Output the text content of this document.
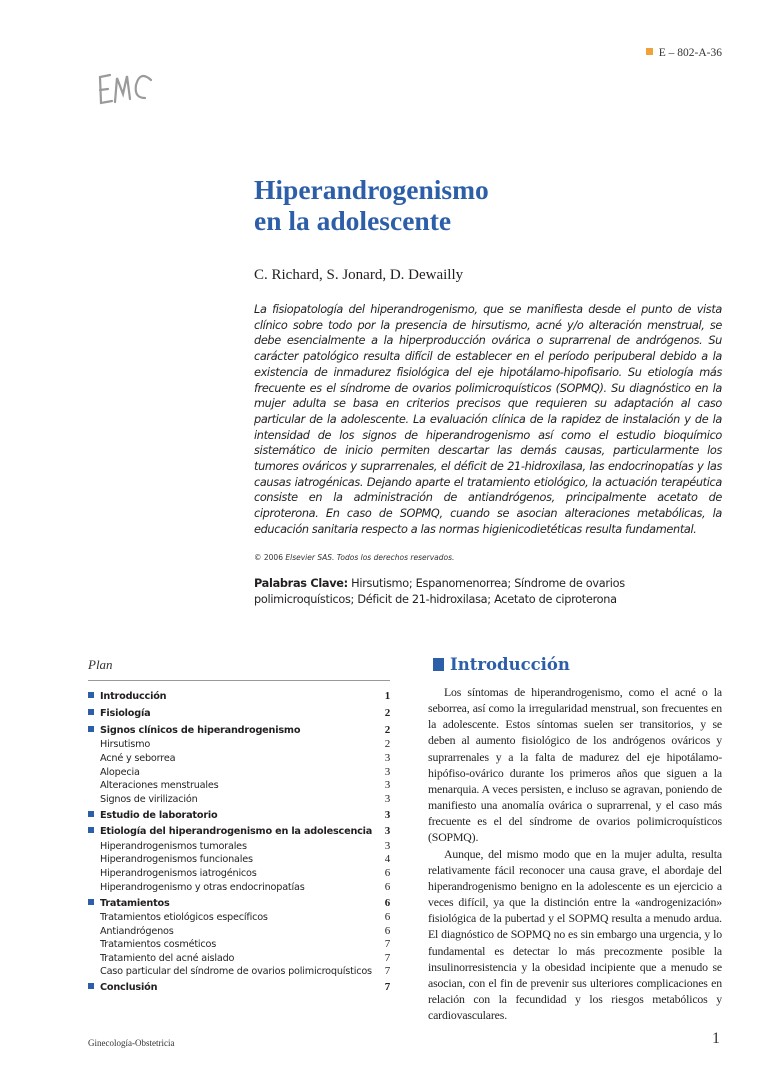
E – 802-A-36
Hiperandrogenismo
en la adolescente
C. Richard, S. Jonard, D. Dewailly

La fisiopatología del hiperandrogenismo, que se manifiesta desde el punto de vista clínico sobre todo por la presencia de hirsutismo, acné y/o alteración menstrual, se debe esencialmente a la hiperproducción ovárica o suprarrenal de andrógenos. Su carácter patológico resulta difícil de establecer en el período peripuberal debido a la existencia de inmadurez fisiológica del eje hipotálamo-hipofisario. Su etiología más frecuente es el síndrome de ovarios polimicroquísticos (SOPMQ). Su diagnóstico en la mujer adulta se basa en criterios precisos que requieren su adaptación al caso particular de la adolescente. La evaluación clínica de la rapidez de instalación y de la intensidad de los signos de hiperandrogenismo así como el estudio bioquímico sistemático de inicio permiten descartar las demás causas, particularmente los tumores ováricos y suprarrenales, el déficit de 21-hidroxilasa, las endocrinopatías y las causas iatrogénicas. Dejando aparte el tratamiento etiológico, la actuación terapéutica consiste en la administración de antiandrógenos, principalmente acetato de ciproterona. En caso de SOPMQ, cuando se asocian alteraciones metabólicas, la educación sanitaria respecto a las normas higienicodietéticas resulta fundamental.

© 2006 Elsevier SAS. Todos los derechos reservados.
Palabras Clave: Hirsutismo; Espanomenorrea; Síndrome de ovarios polimicroquísticos; Déficit de 21-hidroxilasa; Acetato de ciproterona
Plan
Introducción	1
Fisiología	2
Signos clínicos de hiperandrogenismo	2
Hirsutismo	2
Acné y seborrea	3
Alopecia	3
Alteraciones menstruales	3
Signos de virilización	3
Estudio de laboratorio	3
Etiología del hiperandrogenismo en la adolescencia 3
Hiperandrogenismos tumorales	3
Hiperandrogenismos funcionales	4
Hiperandrogenismos iatrogénicos	6
Hiperandrogenismo y otras endocrinopatías	6
Tratamientos	6
Tratamientos etiológicos específicos	6
Antiandrógenos	6
Tratamientos cosméticos	7
Tratamiento del acné aislado	7
Caso particular del síndrome de ovarios polimicroquísticos 7
Conclusión	7
Introducción

Los síntomas de hiperandrogenismo, como el acné o la seborrea, así como la irregularidad menstrual, son frecuentes en la adolescente. Estos síntomas suelen ser transitorios, y se deben al aumento fisiológico de los andrógenos ováricos y suprarrenales y a la falta de madurez del eje hipotálamo-hipófiso-ovárico durante los primeros años que siguen a la menarquia. A veces persisten, e incluso se agravan, poniendo de manifiesto una anomalía ovárica o suprarrenal, y el caso más frecuente es el del síndrome de ovarios polimicroquísticos (SOPMQ).

Aunque, del mismo modo que en la mujer adulta, resulta relativamente fácil reconocer una causa grave, el abordaje del hiperandrogenismo benigno en la adolescente es un ejercicio a veces difícil, ya que la distinción entre la «androgenización» fisiológica de la pubertad y el SOPMQ resulta a menudo ardua. El diagnóstico de SOPMQ no es sin embargo una urgencia, y lo fundamental es detectar lo más precozmente posible la insulinorresistencia y la obesidad incipiente que a menudo se asocian, con el fin de prevenir sus ulteriores complicaciones en relación con la fecundidad y los riesgos metabólicos y cardiovasculares.

Ginecología-Obstetricia	1
